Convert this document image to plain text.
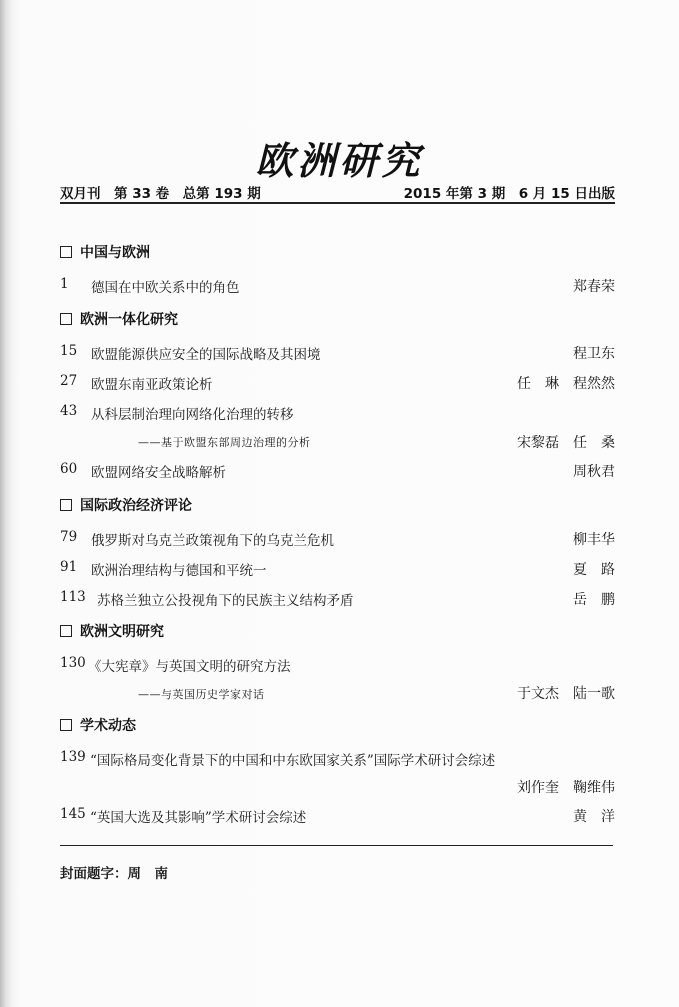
欧洲研究
双月刊　第 33 卷　总第 193 期	2015 年第 3 期　6 月 15 日出版
中国与欧洲
1 德国在中欧关系中的角色	郑春荣
欧洲一体化研究
15 欧盟能源供应安全的国际战略及其困境	程卫东
27 欧盟东南亚政策论析	任　琳　程然然
43 从科层制治理向网络化治理的转移
——基于欧盟东部周边治理的分析	宋黎磊　任　桑
60 欧盟网络安全战略解析	周秋君
国际政治经济评论
79 俄罗斯对乌克兰政策视角下的乌克兰危机	柳丰华
91 欧洲治理结构与德国和平统一	夏　路
113 苏格兰独立公投视角下的民族主义结构矛盾	岳　鹏
欧洲文明研究
130 《大宪章》与英国文明的研究方法
——与英国历史学家对话	于文杰　陆一歌
学术动态
139 “国际格局变化背景下的中国和中东欧国家关系”国际学术研讨会综述
刘作奎　鞠维伟
145 “英国大选及其影响”学术研讨会综述	黄　洋
封面题字：周　南
